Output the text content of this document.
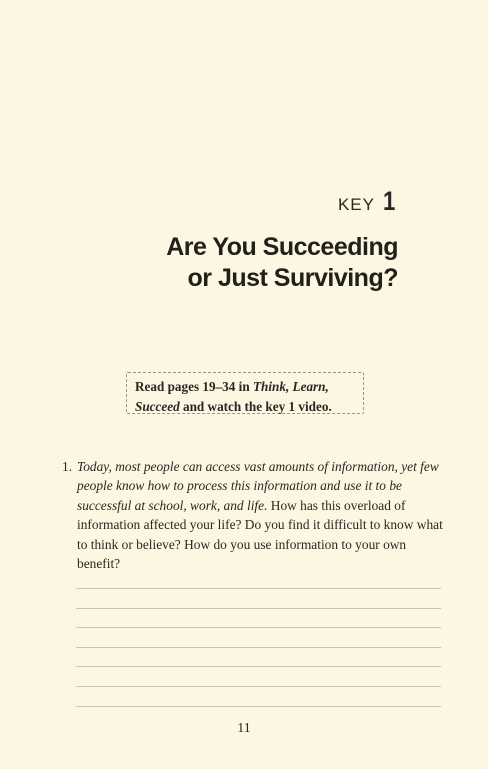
KEY 1
Are You Succeeding
or Just Surviving?
Read pages 19–34 in Think, Learn,
Succeed and watch the key 1 video.
1. Today, most people can access vast amounts of information, yet few people know how to process this information and use it to be successful at school, work, and life. How has this overload of information affected your life? Do you find it difficult to know what to think or believe? How do you use information to your own benefit?
11
